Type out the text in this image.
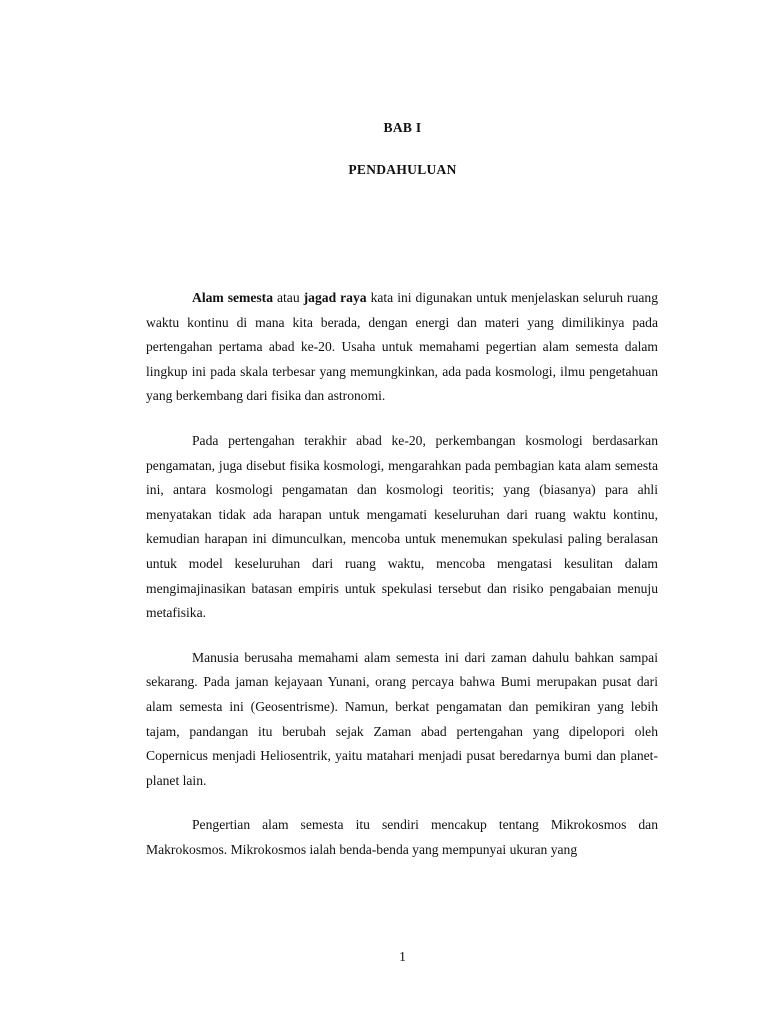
BAB I
PENDAHULUAN

Alam semesta atau jagad raya kata ini digunakan untuk menjelaskan seluruh ruang waktu kontinu di mana kita berada, dengan energi dan materi yang dimilikinya pada pertengahan pertama abad ke-20. Usaha untuk memahami pegertian alam semesta dalam lingkup ini pada skala terbesar yang memungkinkan, ada pada kosmologi, ilmu pengetahuan yang berkembang dari fisika dan astronomi.

Pada pertengahan terakhir abad ke-20, perkembangan kosmologi berdasarkan pengamatan, juga disebut fisika kosmologi, mengarahkan pada pembagian kata alam semesta ini, antara kosmologi pengamatan dan kosmologi teoritis; yang (biasanya) para ahli menyatakan tidak ada harapan untuk mengamati keseluruhan dari ruang waktu kontinu, kemudian harapan ini dimunculkan, mencoba untuk menemukan spekulasi paling beralasan untuk model keseluruhan dari ruang waktu, mencoba mengatasi kesulitan dalam mengimajinasikan batasan empiris untuk spekulasi tersebut dan risiko pengabaian menuju metafisika.

Manusia berusaha memahami alam semesta ini dari zaman dahulu bahkan sampai sekarang. Pada jaman kejayaan Yunani, orang percaya bahwa Bumi merupakan pusat dari alam semesta ini (Geosentrisme). Namun, berkat pengamatan dan pemikiran yang lebih tajam, pandangan itu berubah sejak Zaman abad pertengahan yang dipelopori oleh Copernicus menjadi Heliosentrik, yaitu matahari menjadi pusat beredarnya bumi dan planet-planet lain.

Pengertian alam semesta itu sendiri mencakup tentang Mikrokosmos dan Makrokosmos. Mikrokosmos ialah benda-benda yang mempunyai ukuran yang

1
